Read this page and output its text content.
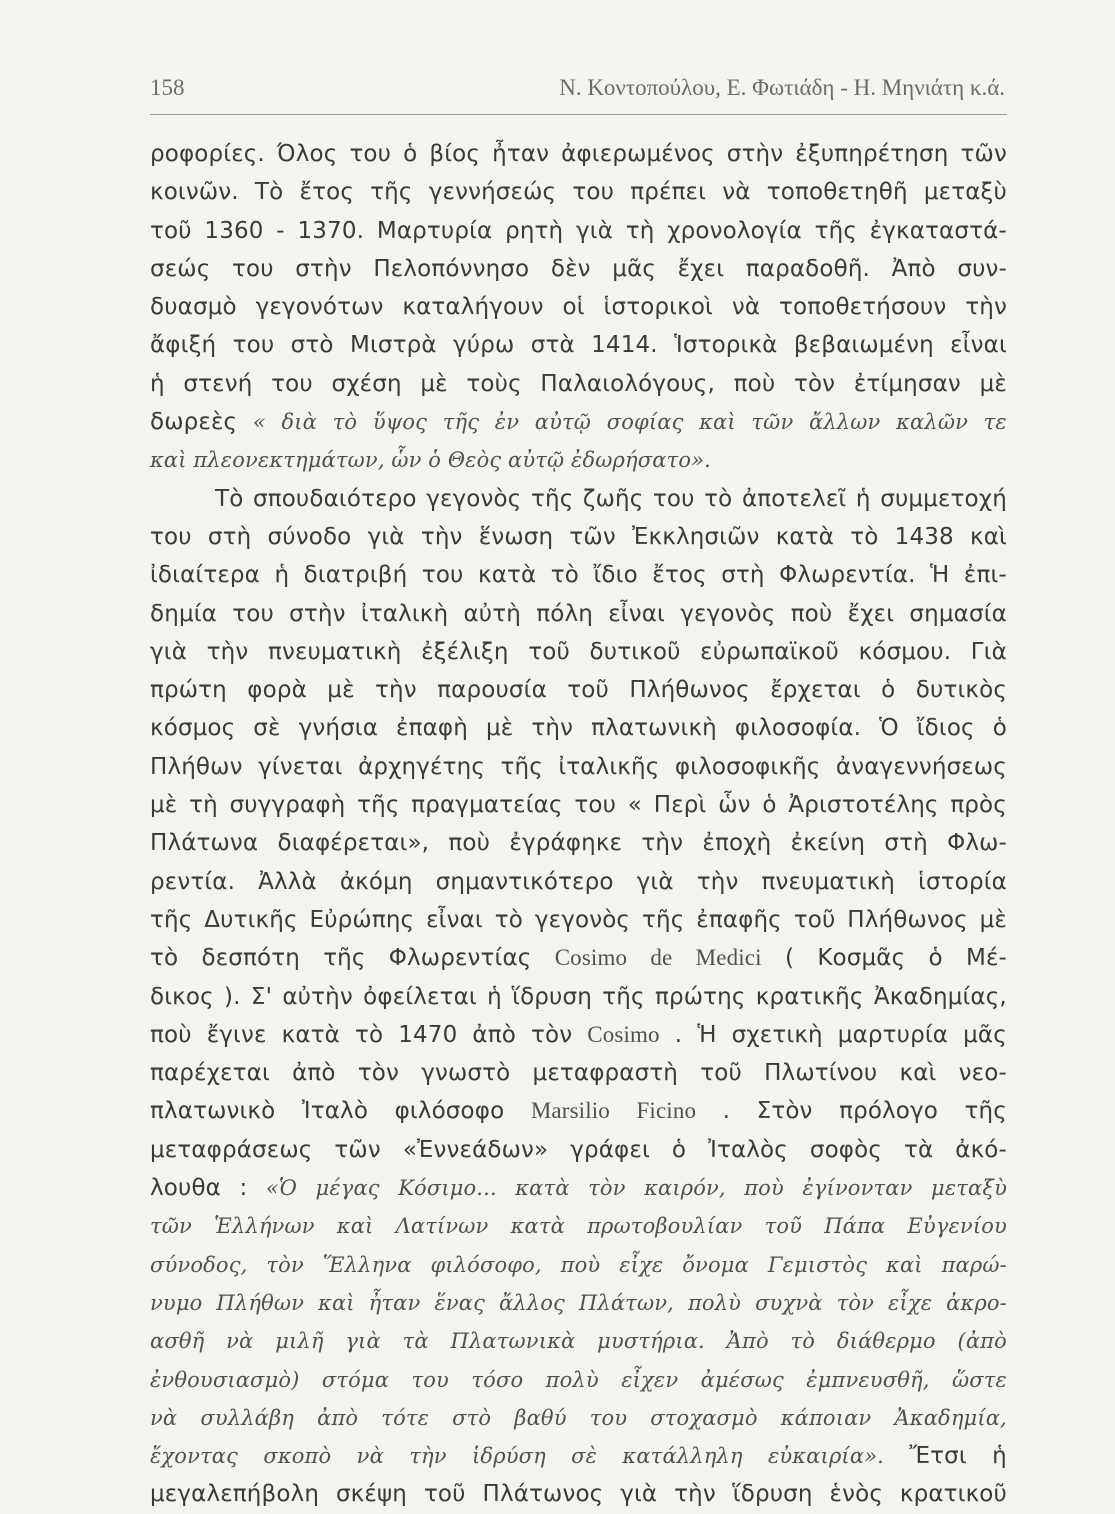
158	Ν. Κοντοπούλου, Ε. Φωτιάδη - Η. Μηνιάτη κ.ά.
ροφορίες. Όλος του ὁ βίος ἦταν ἀφιερωμένος στὴν ἐξυπηρέτηση τῶν
κοινῶν. Τὸ ἔτος τῆς γεννήσεώς του πρέπει νὰ τοποθετηθῆ μεταξὺ
τοῦ 1360 - 1370. Μαρτυρία ρητὴ γιὰ τὴ χρονολογία τῆς ἐγκαταστά-
σεώς του στὴν Πελοπόννησο δὲν μᾶς ἔχει παραδοθῆ. Ἀπὸ συν-
δυασμὸ γεγονότων καταλήγουν οἱ ἱστορικοὶ νὰ τοποθετήσουν τὴν
ἄφιξή του στὸ Μιστρὰ γύρω στὰ 1414. Ἱστορικὰ βεβαιωμένη εἶναι
ἡ στενή του σχέση μὲ τοὺς Παλαιολόγους, ποὺ τὸν ἐτίμησαν μὲ
δωρεὲς « διὰ τὸ ὕψος τῆς ἐν αὐτῷ σοφίας καὶ τῶν ἄλλων καλῶν τε
καὶ πλεονεκτημάτων, ὧν ὁ Θεὸς αὐτῷ ἐδωρήσατο».
Τὸ σπουδαιότερο γεγονὸς τῆς ζωῆς του τὸ ἀποτελεῖ ἡ συμμετοχή
του στὴ σύνοδο γιὰ τὴν ἕνωση τῶν Ἐκκλησιῶν κατὰ τὸ 1438 καὶ
ἰδιαίτερα ἡ διατριβή του κατὰ τὸ ἴδιο ἔτος στὴ Φλωρεντία. Ἡ ἐπι-
δημία του στὴν ἰταλικὴ αὐτὴ πόλη εἶναι γεγονὸς ποὺ ἔχει σημασία
γιὰ τὴν πνευματικὴ ἐξέλιξη τοῦ δυτικοῦ εὐρωπαϊκοῦ κόσμου. Γιὰ
πρώτη φορὰ μὲ τὴν παρουσία τοῦ Πλήθωνος ἔρχεται ὁ δυτικὸς
κόσμος σὲ γνήσια ἐπαφὴ μὲ τὴν πλατωνικὴ φιλοσοφία. Ὁ ἴδιος ὁ
Πλήθων γίνεται ἀρχηγέτης τῆς ἰταλικῆς φιλοσοφικῆς ἀναγεννήσεως
μὲ τὴ συγγραφὴ τῆς πραγματείας του « Περὶ ὧν ὁ Ἀριστοτέλης πρὸς
Πλάτωνα διαφέρεται», ποὺ ἐγράφηκε τὴν ἐποχὴ ἐκείνη στὴ Φλω-
ρεντία. Ἀλλὰ ἀκόμη σημαντικότερο γιὰ τὴν πνευματικὴ ἱστορία
τῆς Δυτικῆς Εὐρώπης εἶναι τὸ γεγονὸς τῆς ἐπαφῆς τοῦ Πλήθωνος μὲ
τὸ δεσπότη τῆς Φλωρεντίας Cosimo de Medici ( Κοσμᾶς ὁ Μέ-
δικος ). Σ' αὐτὴν ὀφείλεται ἡ ἵδρυση τῆς πρώτης κρατικῆς Ἀκαδημίας,
ποὺ ἔγινε κατὰ τὸ 1470 ἀπὸ τὸν Cosimo . Ἡ σχετικὴ μαρτυρία μᾶς
παρέχεται ἀπὸ τὸν γνωστὸ μεταφραστὴ τοῦ Πλωτίνου καὶ νεο-
πλατωνικὸ Ἰταλὸ φιλόσοφο Marsilio Ficino . Στὸν πρόλογο τῆς
μεταφράσεως τῶν «Ἐννεάδων» γράφει ὁ Ἰταλὸς σοφὸς τὰ ἀκό-
λουθα : «Ὁ μέγας Κόσιμο... κατὰ τὸν καιρόν, ποὺ ἐγίνονταν μεταξὺ
τῶν Ἑλλήνων καὶ Λατίνων κατὰ πρωτοβουλίαν τοῦ Πάπα Εὐγενίου
σύνοδος, τὸν Ἕλληνα φιλόσοφο, ποὺ εἶχε ὄνομα Γεμιστὸς καὶ παρώ-
νυμο Πλήθων καὶ ἦταν ἕνας ἄλλος Πλάτων, πολὺ συχνὰ τὸν εἶχε ἀκρο-
ασθῆ νὰ μιλῆ γιὰ τὰ Πλατωνικὰ μυστήρια. Ἀπὸ τὸ διάθερμο (ἀπὸ
ἐνθουσιασμὸ) στόμα του τόσο πολὺ εἶχεν ἀμέσως ἐμπνευσθῆ, ὥστε
νὰ συλλάβη ἀπὸ τότε στὸ βαθύ του στοχασμὸ κάποιαν Ἀκαδημία,
ἔχοντας σκοπὸ νὰ τὴν ἱδρύση σὲ κατάλληλη εὐκαιρία». Ἔτσι ἡ
μεγαλεπήβολη σκέψη τοῦ Πλάτωνος γιὰ τὴν ἵδρυση ἑνὸς κρατικοῦ
